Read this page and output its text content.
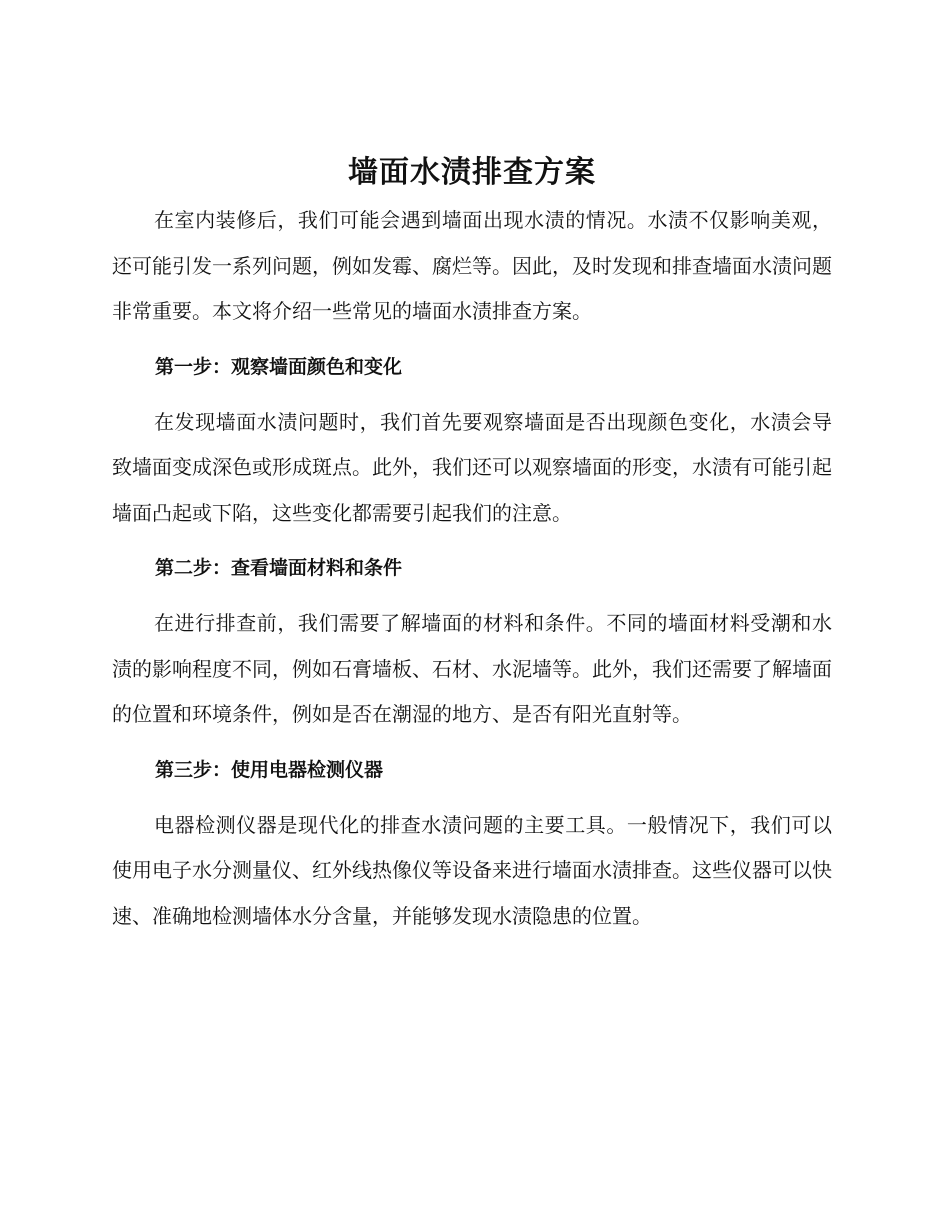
墙面水渍排查方案

在室内装修后，我们可能会遇到墙面出现水渍的情况。水渍不仅影响美观，还可能引发一系列问题，例如发霉、腐烂等。因此，及时发现和排查墙面水渍问题非常重要。本文将介绍一些常见的墙面水渍排查方案。

第一步：观察墙面颜色和变化

在发现墙面水渍问题时，我们首先要观察墙面是否出现颜色变化，水渍会导致墙面变成深色或形成斑点。此外，我们还可以观察墙面的形变，水渍有可能引起墙面凸起或下陷，这些变化都需要引起我们的注意。

第二步：查看墙面材料和条件

在进行排查前，我们需要了解墙面的材料和条件。不同的墙面材料受潮和水渍的影响程度不同，例如石膏墙板、石材、水泥墙等。此外，我们还需要了解墙面的位置和环境条件，例如是否在潮湿的地方、是否有阳光直射等。

第三步：使用电器检测仪器

电器检测仪器是现代化的排查水渍问题的主要工具。一般情况下，我们可以使用电子水分测量仪、红外线热像仪等设备来进行墙面水渍排查。这些仪器可以快速、准确地检测墙体水分含量，并能够发现水渍隐患的位置。
